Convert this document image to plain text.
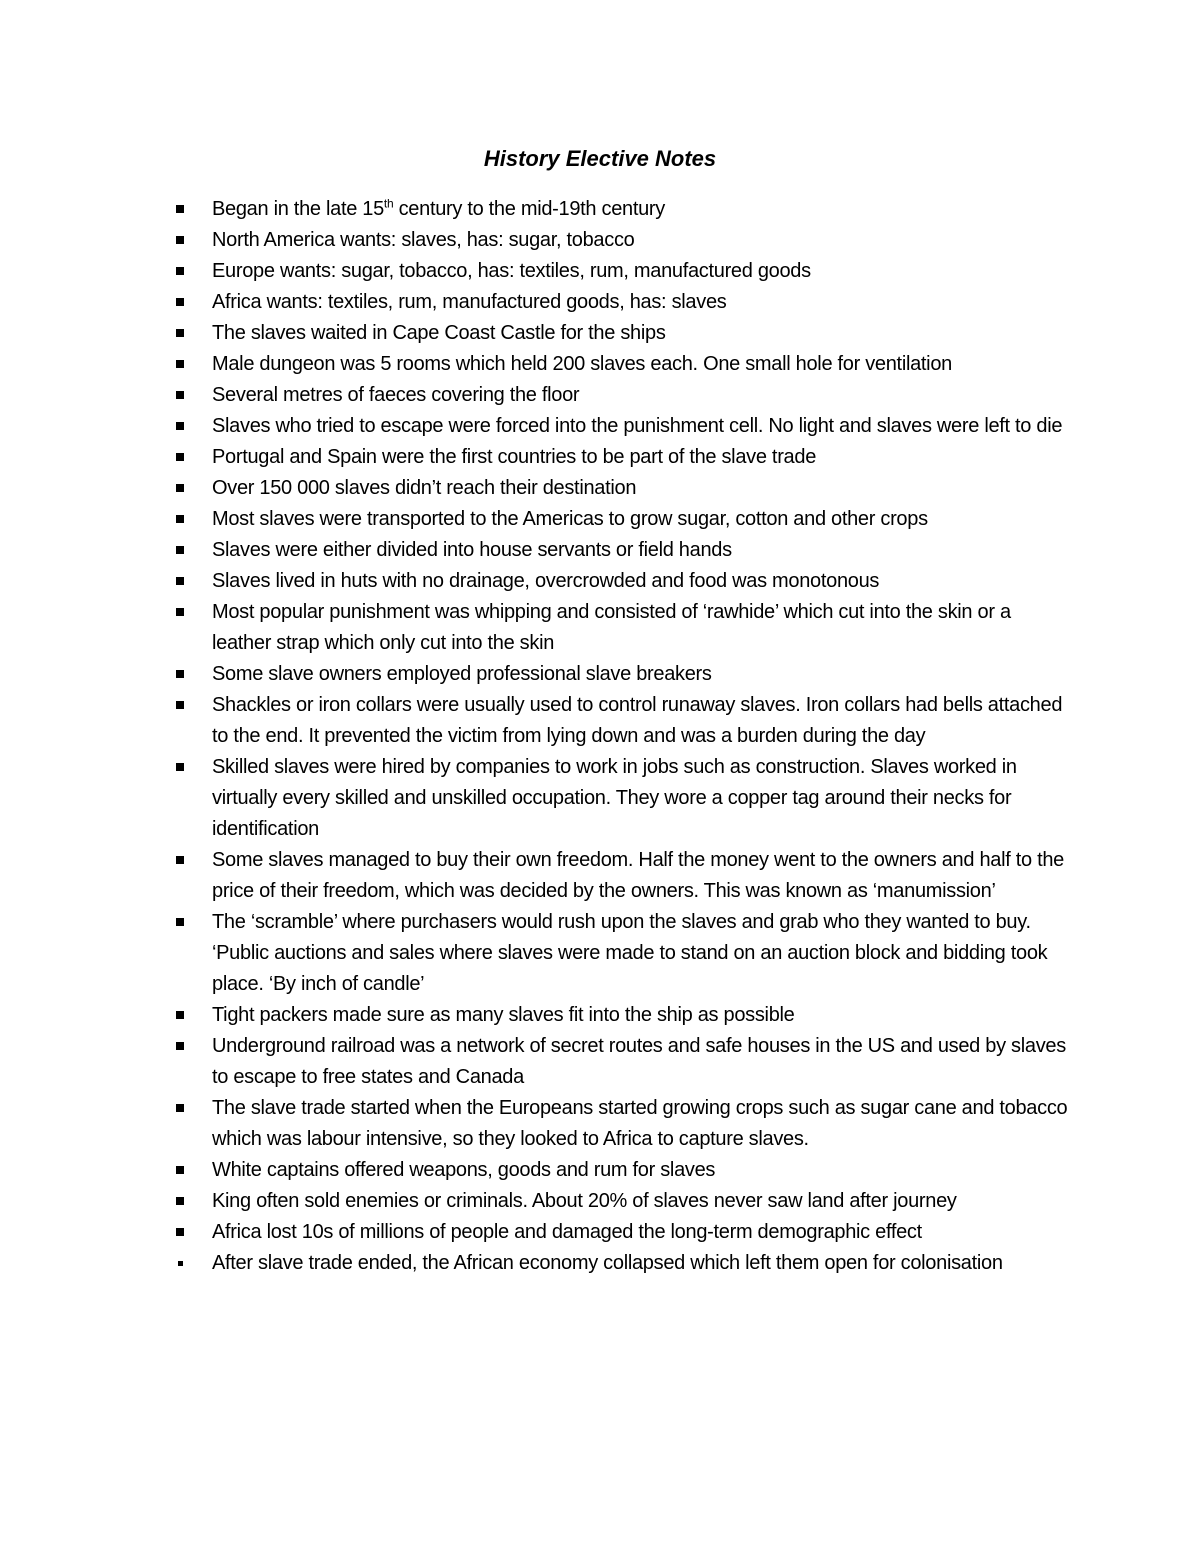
History Elective Notes
Began in the late 15th century to the mid-19th century
North America wants: slaves, has: sugar, tobacco
Europe wants: sugar, tobacco, has: textiles, rum, manufactured goods
Africa wants: textiles, rum, manufactured goods, has: slaves
The slaves waited in Cape Coast Castle for the ships
Male dungeon was 5 rooms which held 200 slaves each. One small hole for ventilation
Several metres of faeces covering the floor
Slaves who tried to escape were forced into the punishment cell. No light and slaves were left to die
Portugal and Spain were the first countries to be part of the slave trade
Over 150 000 slaves didn’t reach their destination
Most slaves were transported to the Americas to grow sugar, cotton and other crops
Slaves were either divided into house servants or field hands
Slaves lived in huts with no drainage, overcrowded and food was monotonous
Most popular punishment was whipping and consisted of ‘rawhide’ which cut into the skin or a leather strap which only cut into the skin
Some slave owners employed professional slave breakers
Shackles or iron collars were usually used to control runaway slaves. Iron collars had bells attached to the end. It prevented the victim from lying down and was a burden during the day
Skilled slaves were hired by companies to work in jobs such as construction. Slaves worked in virtually every skilled and unskilled occupation. They wore a copper tag around their necks for identification
Some slaves managed to buy their own freedom. Half the money went to the owners and half to the price of their freedom, which was decided by the owners. This was known as ‘manumission’
The ‘scramble’ where purchasers would rush upon the slaves and grab who they wanted to buy. ‘Public auctions and sales where slaves were made to stand on an auction block and bidding took place. ‘By inch of candle’
Tight packers made sure as many slaves fit into the ship as possible
Underground railroad was a network of secret routes and safe houses in the US and used by slaves to escape to free states and Canada
The slave trade started when the Europeans started growing crops such as sugar cane and tobacco which was labour intensive, so they looked to Africa to capture slaves.
White captains offered weapons, goods and rum for slaves
King often sold enemies or criminals. About 20% of slaves never saw land after journey
Africa lost 10s of millions of people and damaged the long-term demographic effect
After slave trade ended, the African economy collapsed which left them open for colonisation
